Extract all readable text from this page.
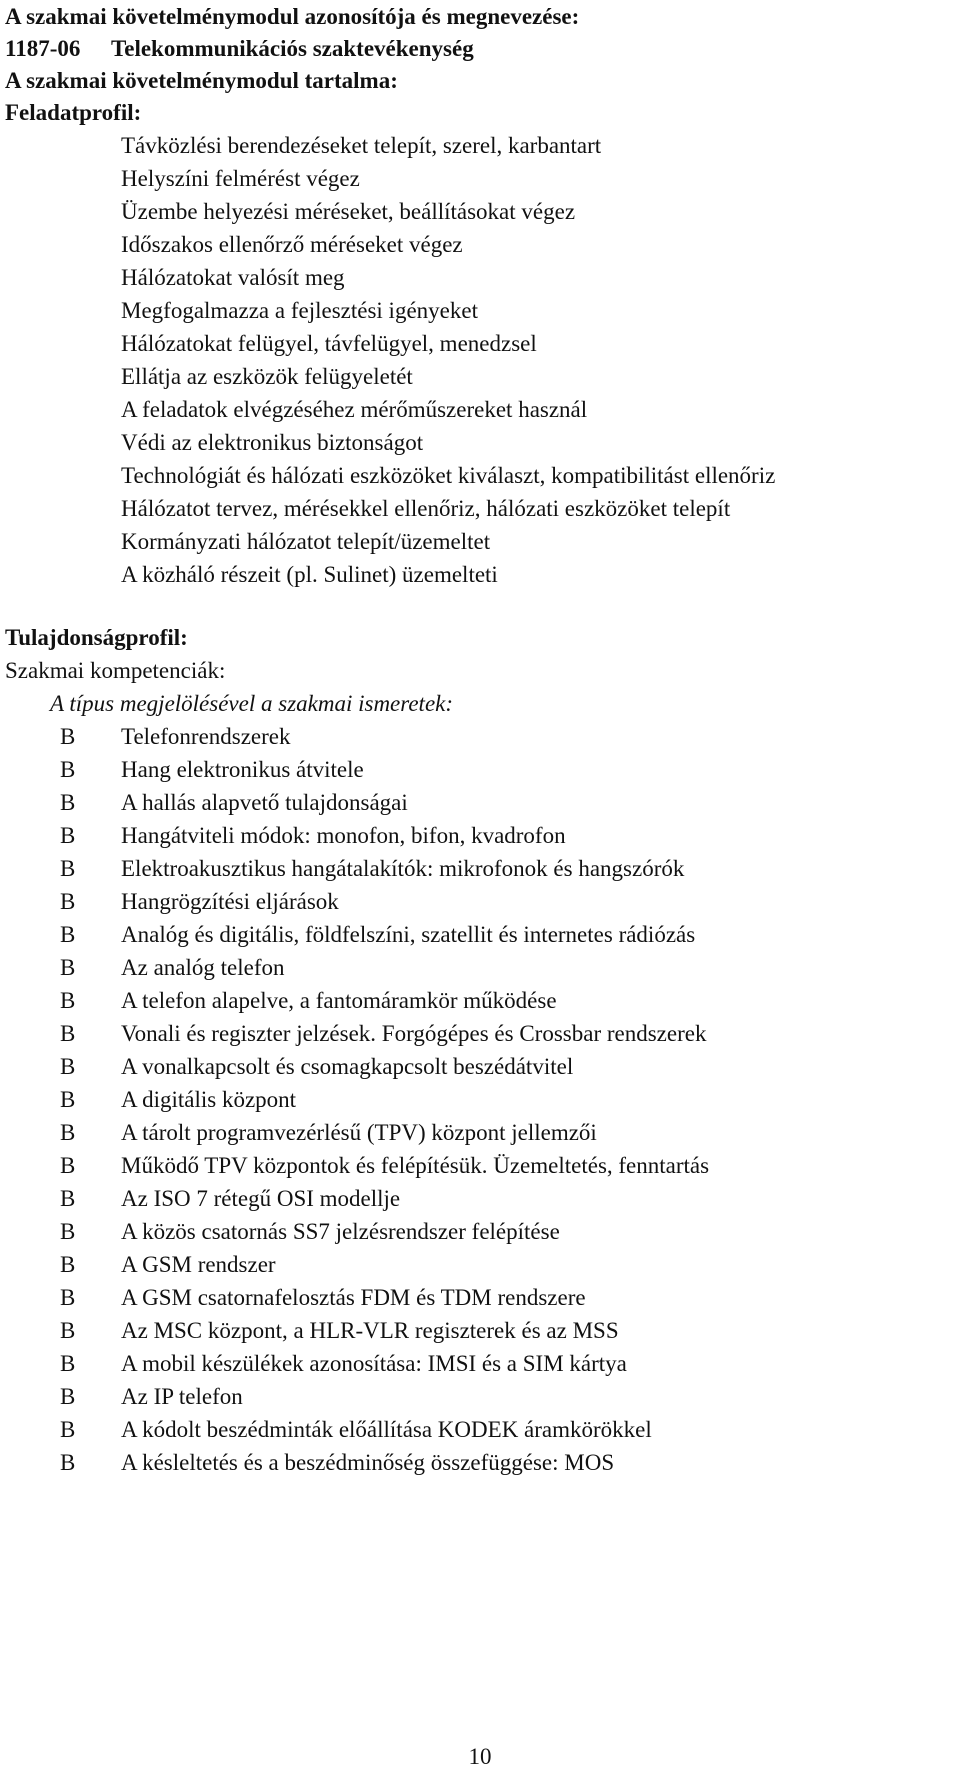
A szakmai követelménymodul azonosítója és megnevezése:
1187-06 Telekommunikációs szaktevékenység
A szakmai követelménymodul tartalma:
Feladatprofil:
Távközlési berendezéseket telepít, szerel, karbantart
Helyszíni felmérést végez
Üzembe helyezési méréseket, beállításokat végez
Időszakos ellenőrző méréseket végez
Hálózatokat valósít meg
Megfogalmazza a fejlesztési igényeket
Hálózatokat felügyel, távfelügyel, menedzsel
Ellátja az eszközök felügyeletét
A feladatok elvégzéséhez mérőműszereket használ
Védi az elektronikus biztonságot
Technológiát és hálózati eszközöket kiválaszt, kompatibilitást ellenőriz
Hálózatot tervez, mérésekkel ellenőriz, hálózati eszközöket telepít
Kormányzati hálózatot telepít/üzemeltet
A közháló részeit (pl. Sulinet) üzemelteti
Tulajdonságprofil:
Szakmai kompetenciák:
A típus megjelölésével a szakmai ismeretek:
B Telefonrendszerek
B Hang elektronikus átvitele
B A hallás alapvető tulajdonságai
B Hangátviteli módok: monofon, bifon, kvadrofon
B Elektroakusztikus hangátalakítók: mikrofonok és hangszórók
B Hangrögzítési eljárások
B Analóg és digitális, földfelszíni, szatellit és internetes rádiózás
B Az analóg telefon
B A telefon alapelve, a fantomáramkör működése
B Vonali és regiszter jelzések. Forgógépes és Crossbar rendszerek
B A vonalkapcsolt és csomagkapcsolt beszédátvitel
B A digitális központ
B A tárolt programvezérlésű (TPV) központ jellemzői
B Működő TPV központok és felépítésük. Üzemeltetés, fenntartás
B Az ISO 7 rétegű OSI modellje
B A közös csatornás SS7 jelzésrendszer felépítése
B A GSM rendszer
B A GSM csatornafelosztás FDM és TDM rendszere
B Az MSC központ, a HLR-VLR regiszterek és az MSS
B A mobil készülékek azonosítása: IMSI és a SIM kártya
B Az IP telefon
B A kódolt beszédminták előállítása KODEK áramkörökkel
B A késleltetés és a beszédminőség összefüggése: MOS
10
